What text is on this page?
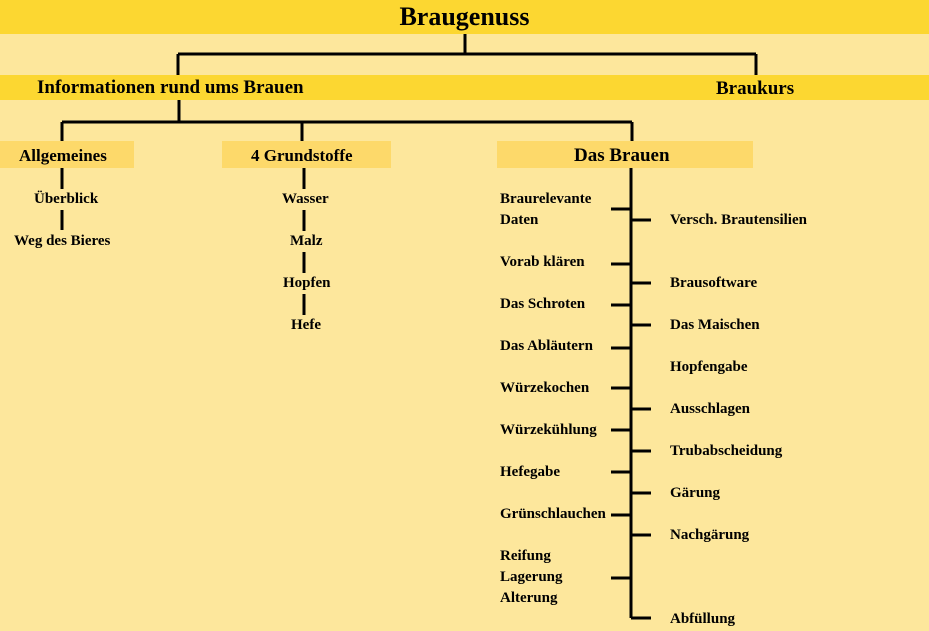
Braugenuss
Informationen rund ums Brauen	Braukurs
Allgemeines	4 Grundstoffe	Das Brauen
Überblick
Weg des Bieres
Wasser
Malz
Hopfen
Hefe
Braurelevante
Daten
Vorab klären
Das Schroten
Das Abläutern
Würzekochen
Würzekühlung
Hefegabe
Grünschlauchen
Reifung
Lagerung
Alterung
Versch. Brautensilien
Brausoftware
Das Maischen
Hopfengabe
Ausschlagen
Trubabscheidung
Gärung
Nachgärung
Abfüllung
